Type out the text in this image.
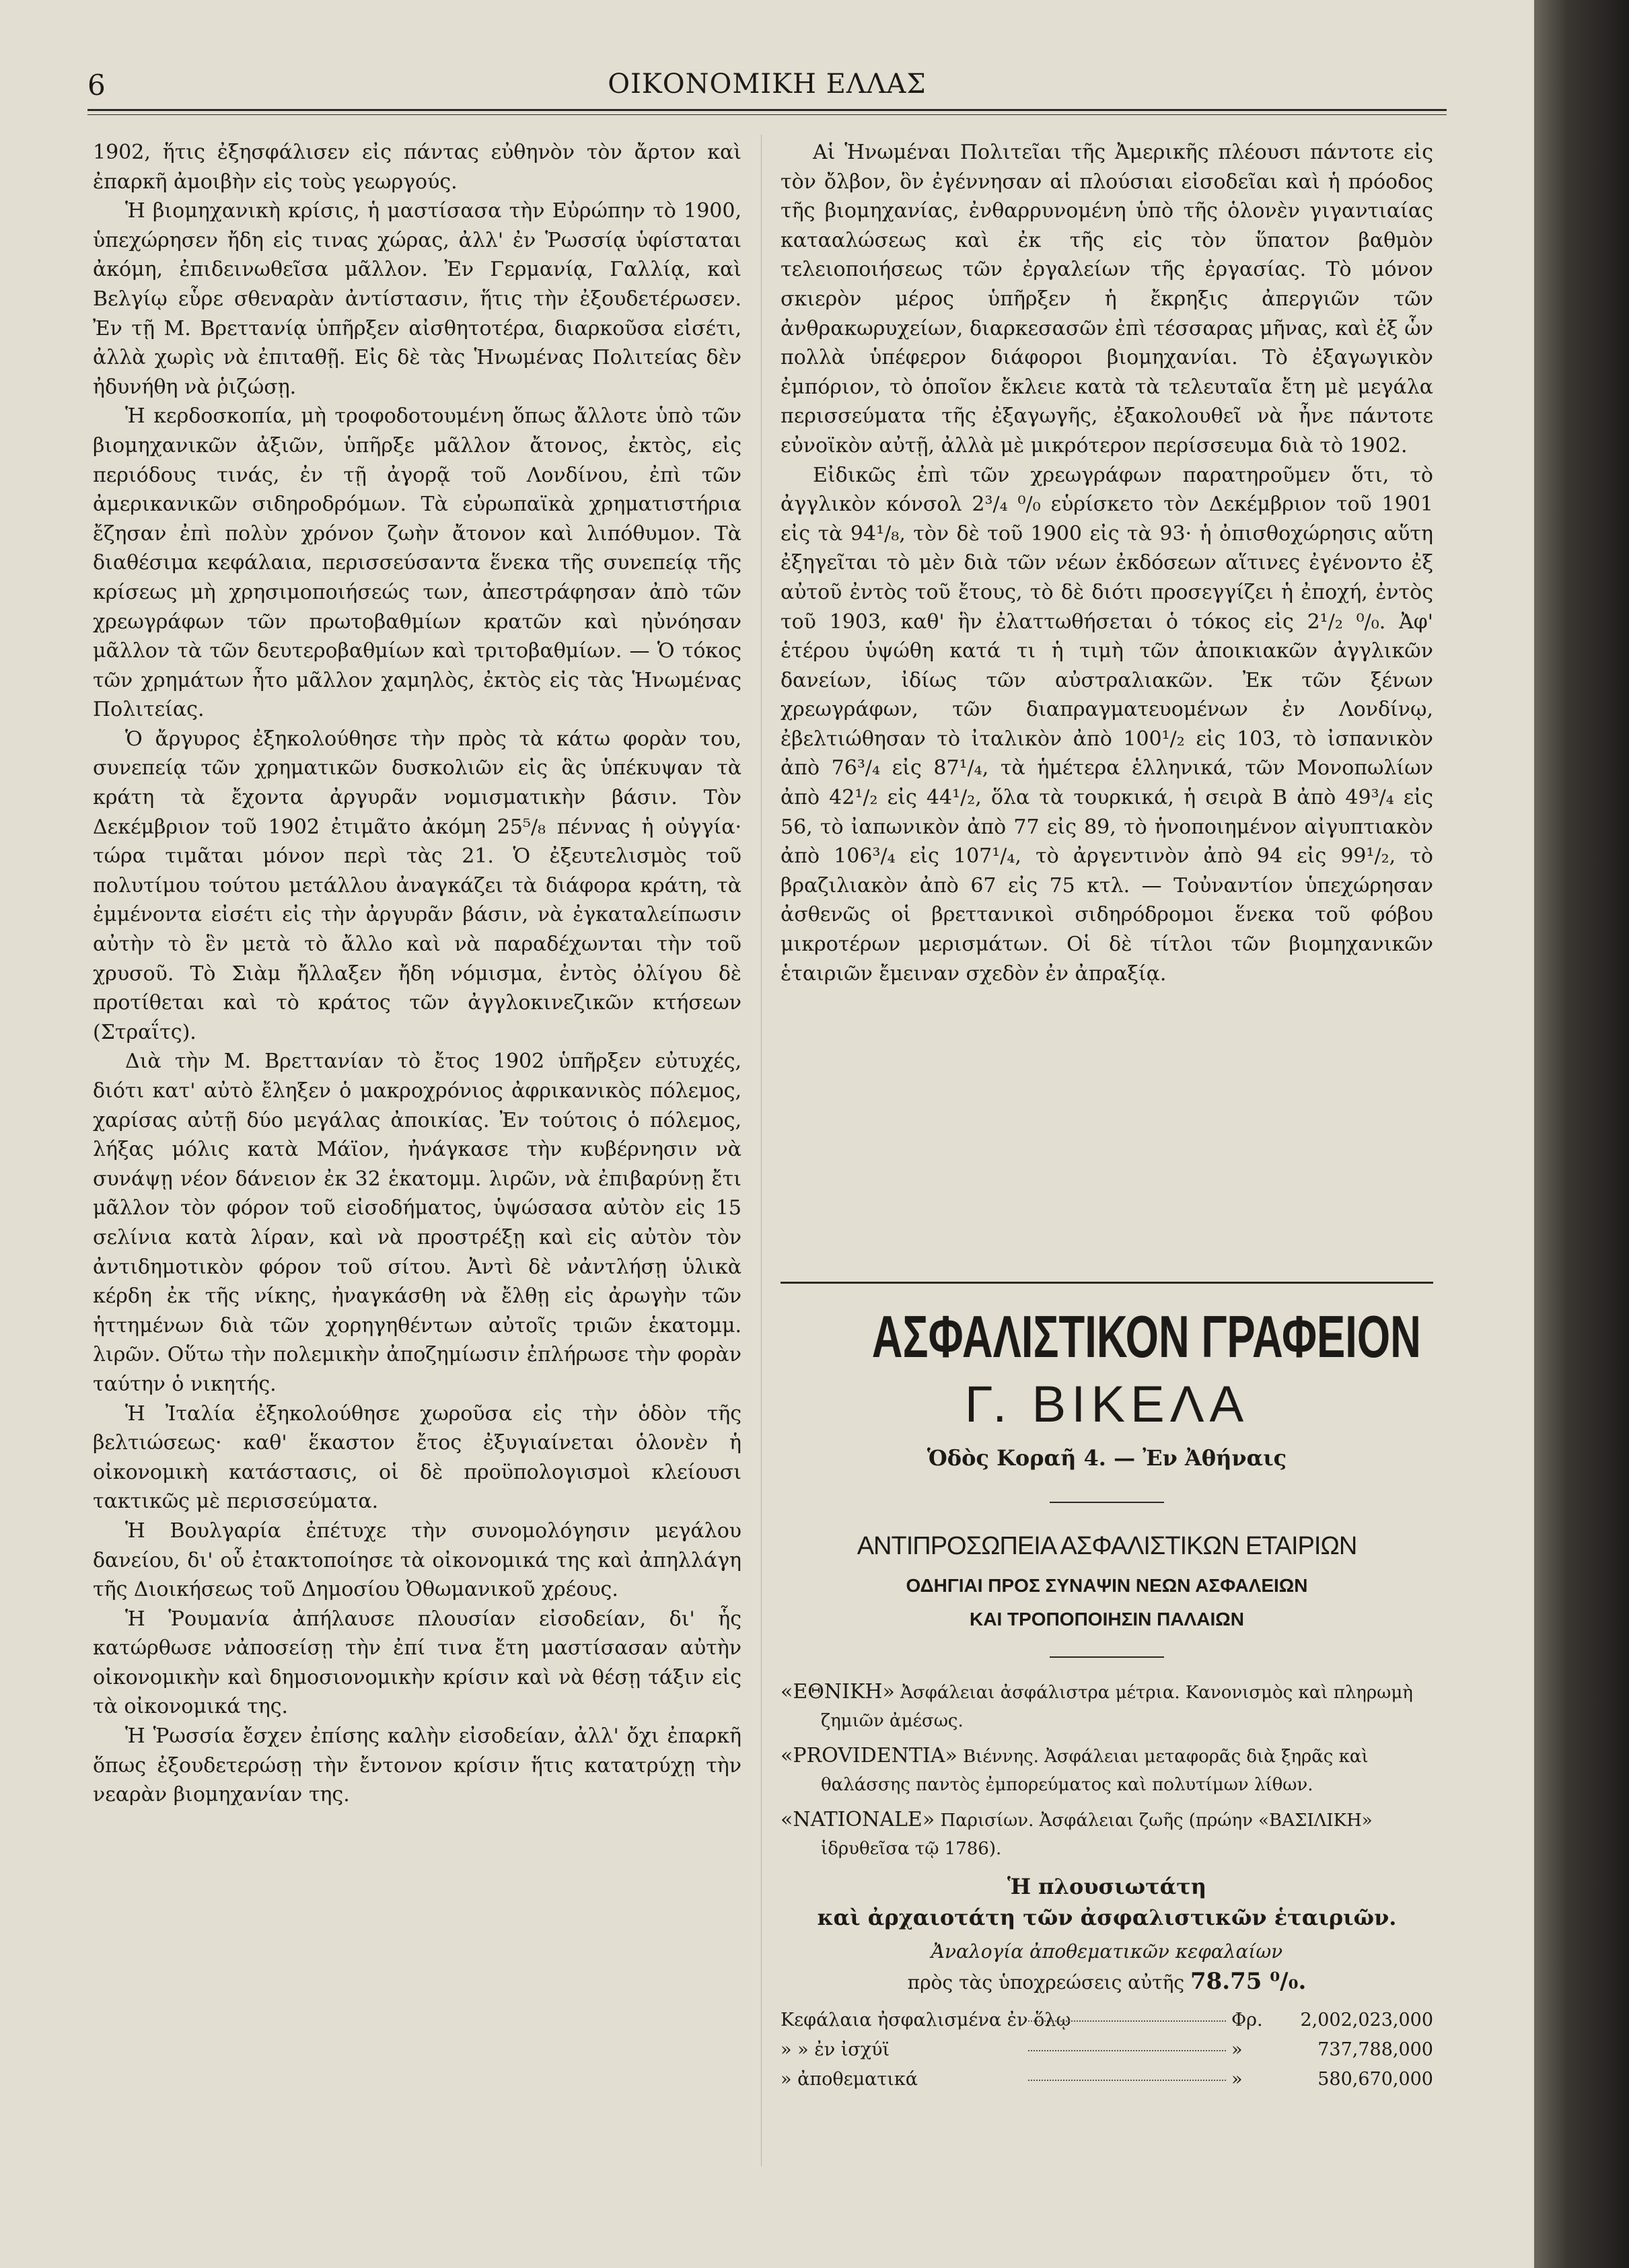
6	ΟΙΚΟΝΟΜΙΚΗ ΕΛΛΑΣ

1902, ἥτις ἐξησφάλισεν εἰς πάντας εὐθηνὸν τὸν ἄρτον καὶ ἐπαρκῆ ἀμοιβὴν εἰς τοὺς γεωργούς.

Ἡ βιομηχανικὴ κρίσις, ἡ μαστίσασα τὴν Εὐρώπην τὸ 1900, ὑπεχώρησεν ἤδη εἰς τινας χώρας, ἀλλ' ἐν Ῥωσσίᾳ ὑφίσταται ἀκόμη, ἐπιδεινωθεῖσα μᾶλλον. Ἐν Γερμανίᾳ, Γαλλίᾳ, καὶ Βελγίῳ εὗρε σθεναρὰν ἀντίστασιν, ἥτις τὴν ἐξουδετέρωσεν. Ἐν τῇ Μ. Βρεττανίᾳ ὑπῆρξεν αἰσθητοτέρα, διαρκοῦσα εἰσέτι, ἀλλὰ χωρὶς νὰ ἐπιταθῇ. Εἰς δὲ τὰς Ἡνωμένας Πολιτείας δὲν ἠδυνήθη νὰ ῥιζώσῃ.

Ἡ κερδοσκοπία, μὴ τροφοδοτουμένη ὅπως ἄλλοτε ὑπὸ τῶν βιομηχανικῶν ἀξιῶν, ὑπῆρξε μᾶλλον ἄτονος, ἐκτὸς, εἰς περιόδους τινάς, ἐν τῇ ἀγορᾷ τοῦ Λονδίνου, ἐπὶ τῶν ἀμερικανικῶν σιδηροδρόμων. Τὰ εὐρωπαϊκὰ χρηματιστήρια ἔζησαν ἐπὶ πολὺν χρόνον ζωὴν ἄτονον καὶ λιπόθυμον. Τὰ διαθέσιμα κεφάλαια, περισσεύσαντα ἕνεκα τῆς συνεπείᾳ τῆς κρίσεως μὴ χρησιμοποιήσεώς των, ἀπεστράφησαν ἀπὸ τῶν χρεωγράφων τῶν πρωτοβαθμίων κρατῶν καὶ ηὐνόησαν μᾶλλον τὰ τῶν δευτεροβαθμίων καὶ τριτοβαθμίων. — Ὁ τόκος τῶν χρημάτων ἦτο μᾶλλον χαμηλὸς, ἐκτὸς εἰς τὰς Ἡνωμένας Πολιτείας.

Ὁ ἄργυρος ἐξηκολούθησε τὴν πρὸς τὰ κάτω φορὰν του, συνεπείᾳ τῶν χρηματικῶν δυσκολιῶν εἰς ἃς ὑπέκυψαν τὰ κράτη τὰ ἔχοντα ἀργυρᾶν νομισματικὴν βάσιν. Τὸν Δεκέμβριον τοῦ 1902 ἐτιμᾶτο ἀκόμη 25⁵/₈ πέννας ἡ οὐγγία· τώρα τιμᾶται μόνον περὶ τὰς 21. Ὁ ἐξευτελισμὸς τοῦ πολυτίμου τούτου μετάλλου ἀναγκάζει τὰ διάφορα κράτη, τὰ ἐμμένοντα εἰσέτι εἰς τὴν ἀργυρᾶν βάσιν, νὰ ἐγκαταλείπωσιν αὐτὴν τὸ ἓν μετὰ τὸ ἄλλο καὶ νὰ παραδέχωνται τὴν τοῦ χρυσοῦ. Τὸ Σιὰμ ἤλλαξεν ἤδη νόμισμα, ἐντὸς ὀλίγου δὲ προτίθεται καὶ τὸ κράτος τῶν ἀγγλοκινεζικῶν κτήσεων (Στραΐτς).

Διὰ τὴν Μ. Βρεττανίαν τὸ ἔτος 1902 ὑπῆρξεν εὐτυχές, διότι κατ' αὐτὸ ἔληξεν ὁ μακροχρόνιος ἀφρικανικὸς πόλεμος, χαρίσας αὐτῇ δύο μεγάλας ἀποικίας. Ἐν τούτοις ὁ πόλεμος, λήξας μόλις κατὰ Μάϊον, ἠνάγκασε τὴν κυβέρνησιν νὰ συνάψῃ νέον δάνειον ἐκ 32 ἑκατομμ. λιρῶν, νὰ ἐπιβαρύνῃ ἔτι μᾶλλον τὸν φόρον τοῦ εἰσοδήματος, ὑψώσασα αὐτὸν εἰς 15 σελίνια κατὰ λίραν, καὶ νὰ προστρέξῃ καὶ εἰς αὐτὸν τὸν ἀντιδημοτικὸν φόρον τοῦ σίτου. Ἀντὶ δὲ νἀντλήσῃ ὑλικὰ κέρδη ἐκ τῆς νίκης, ἠναγκάσθη νὰ ἔλθῃ εἰς ἀρωγὴν τῶν ἡττημένων διὰ τῶν χορηγηθέντων αὐτοῖς τριῶν ἑκατομμ. λιρῶν. Οὕτω τὴν πολεμικὴν ἀποζημίωσιν ἐπλήρωσε τὴν φορὰν ταύτην ὁ νικητής.

Ἡ Ἰταλία ἐξηκολούθησε χωροῦσα εἰς τὴν ὁδὸν τῆς βελτιώσεως· καθ' ἕκαστον ἔτος ἐξυγιαίνεται ὁλονὲν ἡ οἰκονομικὴ κατάστασις, οἱ δὲ προϋπολογισμοὶ κλείουσι τακτικῶς μὲ περισσεύματα.

Ἡ Βουλγαρία ἐπέτυχε τὴν συνομολόγησιν μεγάλου δανείου, δι' οὗ ἐτακτοποίησε τὰ οἰκονομικά της καὶ ἀπηλλάγη τῆς Διοικήσεως τοῦ Δημοσίου Ὀθωμανικοῦ χρέους.

Ἡ Ῥουμανία ἀπήλαυσε πλουσίαν εἰσοδείαν, δι' ἧς κατώρθωσε νἀποσείσῃ τὴν ἐπί τινα ἔτη μαστίσασαν αὐτὴν οἰκονομικὴν καὶ δημοσιονομικὴν κρίσιν καὶ νὰ θέσῃ τάξιν εἰς τὰ οἰκονομικά της.

Ἡ Ῥωσσία ἔσχεν ἐπίσης καλὴν εἰσοδείαν, ἀλλ' ὄχι ἐπαρκῆ ὅπως ἐξουδετερώσῃ τὴν ἔντονον κρίσιν ἥτις κατατρύχῃ τὴν νεαρὰν βιομηχανίαν της.

Αἱ Ἡνωμέναι Πολιτεῖαι τῆς Ἀμερικῆς πλέουσι πάντοτε εἰς τὸν ὄλβον, ὃν ἐγέννησαν αἱ πλούσιαι εἰσοδεῖαι καὶ ἡ πρόοδος τῆς βιομηχανίας, ἐνθαρρυνομένη ὑπὸ τῆς ὁλονὲν γιγαντιαίας κατααλώσεως καὶ ἐκ τῆς εἰς τὸν ὕπατον βαθμὸν τελειοποιήσεως τῶν ἐργαλείων τῆς ἐργασίας. Τὸ μόνον σκιερὸν μέρος ὑπῆρξεν ἡ ἔκρηξις ἀπεργιῶν τῶν ἀνθρακωρυχείων, διαρκεσασῶν ἐπὶ τέσσαρας μῆνας, καὶ ἐξ ὧν πολλὰ ὑπέφερον διάφοροι βιομηχανίαι. Τὸ ἐξαγωγικὸν ἐμπόριον, τὸ ὁποῖον ἔκλειε κατὰ τὰ τελευταῖα ἔτη μὲ μεγάλα περισσεύματα τῆς ἐξαγωγῆς, ἐξακολουθεῖ νὰ ἦνε πάντοτε εὐνοϊκὸν αὐτῇ, ἀλλὰ μὲ μικρότερον περίσσευμα διὰ τὸ 1902.

Εἰδικῶς ἐπὶ τῶν χρεωγράφων παρατηροῦμεν ὅτι, τὸ ἀγγλικὸν κόνσολ 2³/₄ ⁰/₀ εὑρίσκετο τὸν Δεκέμβριον τοῦ 1901 εἰς τὰ 94¹/₈, τὸν δὲ τοῦ 1900 εἰς τὰ 93· ἡ ὀπισθοχώρησις αὕτη ἐξηγεῖται τὸ μὲν διὰ τῶν νέων ἐκδόσεων αἵτινες ἐγένοντο ἐξ αὐτοῦ ἐντὸς τοῦ ἔτους, τὸ δὲ διότι προσεγγίζει ἡ ἐποχή, ἐντὸς τοῦ 1903, καθ' ἣν ἐλαττωθήσεται ὁ τόκος εἰς 2¹/₂ ⁰/₀. Ἀφ' ἑτέρου ὑψώθη κατά τι ἡ τιμὴ τῶν ἀποικιακῶν ἀγγλικῶν δανείων, ἰδίως τῶν αὐστραλιακῶν. Ἐκ τῶν ξένων χρεωγράφων, τῶν διαπραγματευομένων ἐν Λονδίνῳ, ἐβελτιώθησαν τὸ ἰταλικὸν ἀπὸ 100¹/₂ εἰς 103, τὸ ἰσπανικὸν ἀπὸ 76³/₄ εἰς 87¹/₄, τὰ ἡμέτερα ἑλληνικά, τῶν Μονοπωλίων ἀπὸ 42¹/₂ εἰς 44¹/₂, ὅλα τὰ τουρκικά, ἡ σειρὰ Β ἀπὸ 49³/₄ εἰς 56, τὸ ἰαπωνικὸν ἀπὸ 77 εἰς 89, τὸ ἡνοποιημένον αἰγυπτιακὸν ἀπὸ 106³/₄ εἰς 107¹/₄, τὸ ἀργεντινὸν ἀπὸ 94 εἰς 99¹/₂, τὸ βραζιλιακὸν ἀπὸ 67 εἰς 75 κτλ. — Τοὐναντίον ὑπεχώρησαν ἀσθενῶς οἱ βρεττανικοὶ σιδηρόδρομοι ἕνεκα τοῦ φόβου μικροτέρων μερισμάτων. Οἱ δὲ τίτλοι τῶν βιομηχανικῶν ἑταιριῶν ἔμειναν σχεδὸν ἐν ἀπραξίᾳ.

ΑΣΦΑΛΙΣΤΙΚΟΝ ΓΡΑΦΕΙΟΝ
Γ. ΒΙΚΕΛΑ
Ὁδὸς Κοραῆ 4. — Ἐν Ἀθήναις
ΑΝΤΙΠΡΟΣΩΠΕΙΑ ΑΣΦΑΛΙΣΤΙΚΩΝ ΕΤΑΙΡΙΩΝ
ΟΔΗΓΙΑΙ ΠΡΟΣ ΣΥΝΑΨΙΝ ΝΕΩΝ ΑΣΦΑΛΕΙΩΝ
ΚΑΙ ΤΡΟΠΟΠΟΙΗΣΙΝ ΠΑΛΑΙΩΝ
«ΕΘΝΙΚΗ» Ἀσφάλειαι ἀσφάλιστρα μέτρια. Κανονισμὸς καὶ πληρωμὴ ζημιῶν ἀμέσως.
«PROVIDENTIA» Βιέννης. Ἀσφάλειαι μεταφορᾶς διὰ ξηρᾶς καὶ θαλάσσης παντὸς ἐμπορεύματος καὶ πολυτίμων λίθων.
«NATIONALE» Παρισίων. Ἀσφάλειαι ζωῆς (πρώην «ΒΑΣΙΛΙΚΗ» ἱδρυθεῖσα τῷ 1786).
Ἡ πλουσιωτάτη
καὶ ἀρχαιοτάτη τῶν ἀσφαλιστικῶν ἑταιριῶν.
Ἀναλογία ἀποθεματικῶν κεφαλαίων
πρὸς τὰς ὑποχρεώσεις αὐτῆς 78.75 ⁰/₀.
Κεφάλαια ἠσφαλισμένα ἐν ὅλῳ	Φρ.	2,002,023,000
» » ἐν ἰσχύϊ	»	737,788,000
» ἀποθεματικά	»	580,670,000
